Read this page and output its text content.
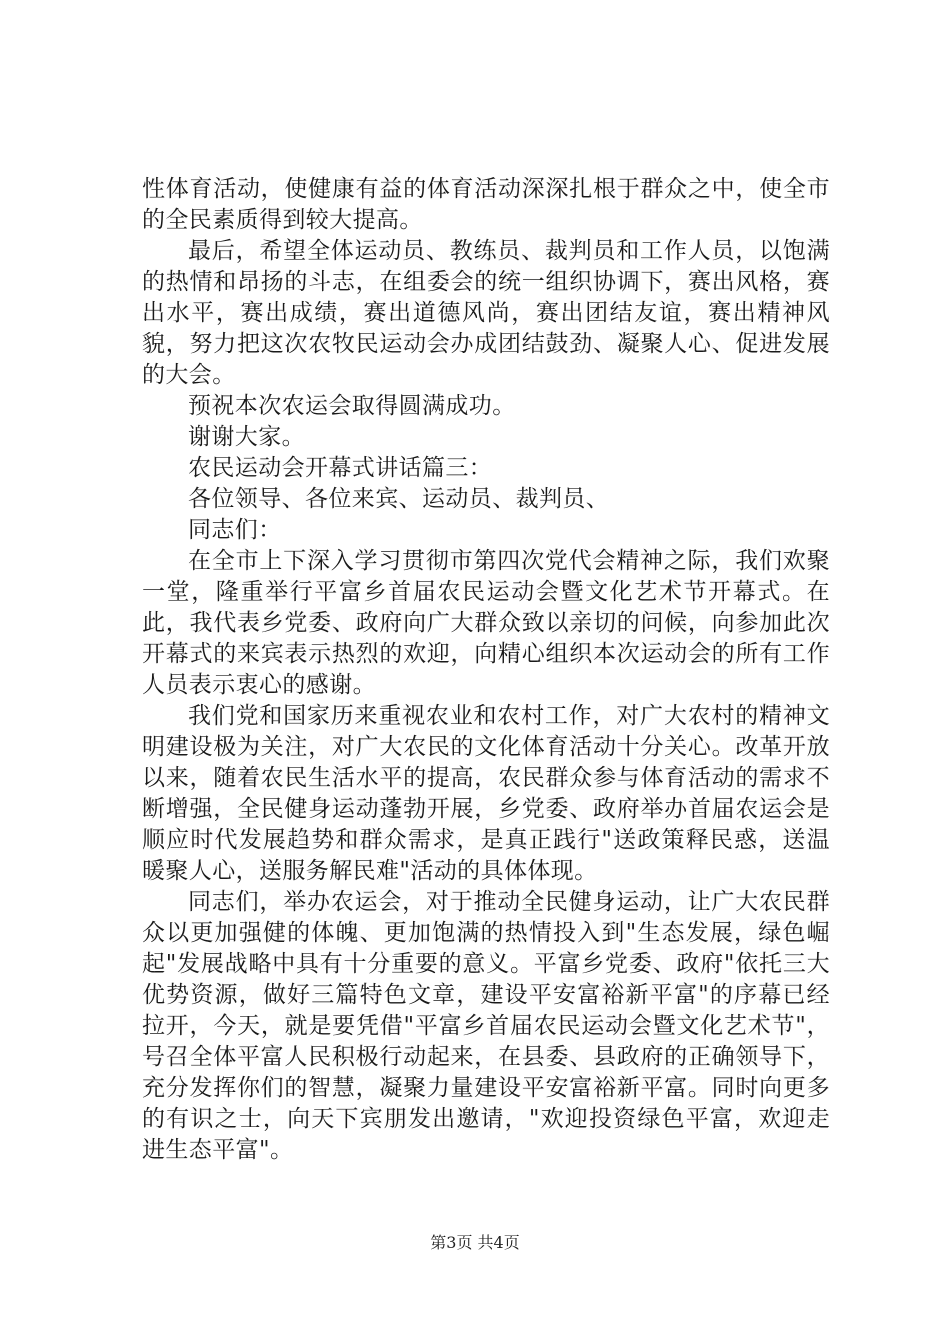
性体育活动，使健康有益的体育活动深深扎根于群众之中，使全市的全民素质得到较大提高。

最后，希望全体运动员、教练员、裁判员和工作人员，以饱满的热情和昂扬的斗志，在组委会的统一组织协调下，赛出风格，赛出水平，赛出成绩，赛出道德风尚，赛出团结友谊，赛出精神风貌，努力把这次农牧民运动会办成团结鼓劲、凝聚人心、促进发展的大会。

预祝本次农运会取得圆满成功。

谢谢大家。

农民运动会开幕式讲话篇三：

各位领导、各位来宾、运动员、裁判员、

同志们：

在全市上下深入学习贯彻市第四次党代会精神之际，我们欢聚一堂，隆重举行平富乡首届农民运动会暨文化艺术节开幕式。在此，我代表乡党委、政府向广大群众致以亲切的问候，向参加此次开幕式的来宾表示热烈的欢迎，向精心组织本次运动会的所有工作人员表示衷心的感谢。

我们党和国家历来重视农业和农村工作，对广大农村的精神文明建设极为关注，对广大农民的文化体育活动十分关心。改革开放以来，随着农民生活水平的提高，农民群众参与体育活动的需求不断增强，全民健身运动蓬勃开展，乡党委、政府举办首届农运会是顺应时代发展趋势和群众需求，是真正践行"送政策释民惑，送温暖聚人心，送服务解民难"活动的具体体现。

同志们，举办农运会，对于推动全民健身运动，让广大农民群众以更加强健的体魄、更加饱满的热情投入到"生态发展，绿色崛起"发展战略中具有十分重要的意义。平富乡党委、政府"依托三大优势资源，做好三篇特色文章，建设平安富裕新平富"的序幕已经拉开，今天，就是要凭借"平富乡首届农民运动会暨文化艺术节"，号召全体平富人民积极行动起来，在县委、县政府的正确领导下，充分发挥你们的智慧，凝聚力量建设平安富裕新平富。同时向更多的有识之士，向天下宾朋发出邀请，"欢迎投资绿色平富，欢迎走进生态平富"。

第3页 共4页
